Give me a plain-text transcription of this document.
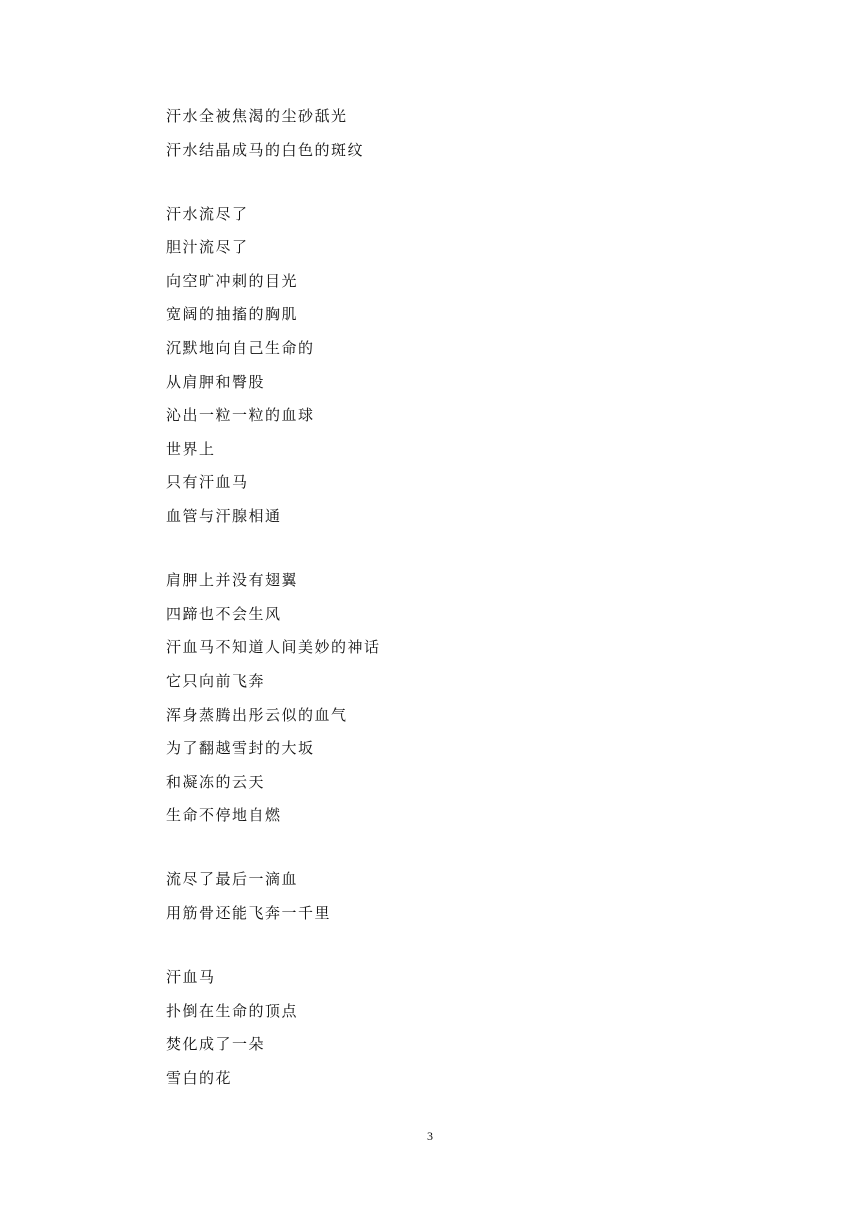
汗水全被焦渴的尘砂舐光
汗水结晶成马的白色的斑纹
汗水流尽了
胆汁流尽了
向空旷冲刺的目光
宽阔的抽搐的胸肌
沉默地向自己生命的
从肩胛和臀股
沁出一粒一粒的血球
世界上
只有汗血马
血管与汗腺相通
肩胛上并没有翅翼
四蹄也不会生风
汗血马不知道人间美妙的神话
它只向前飞奔
浑身蒸腾出彤云似的血气
为了翻越雪封的大坂
和凝冻的云天
生命不停地自燃
流尽了最后一滴血
用筋骨还能飞奔一千里
汗血马
扑倒在生命的顶点
焚化成了一朵
雪白的花
3
